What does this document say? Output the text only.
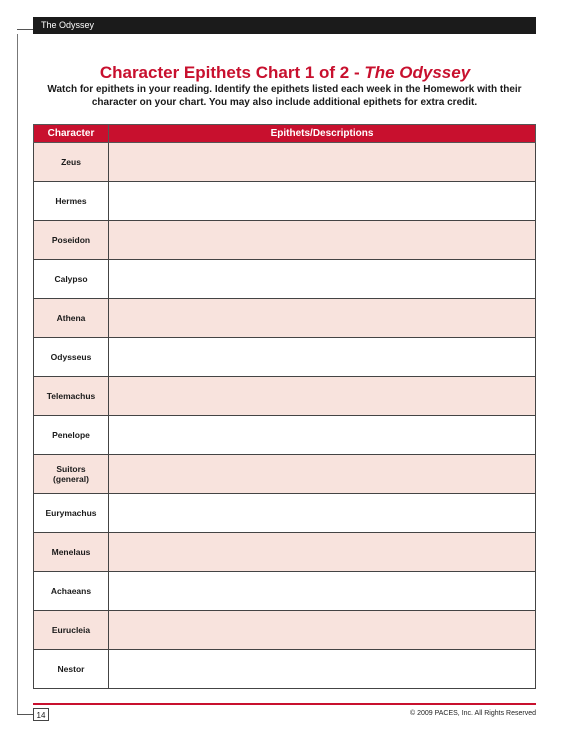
The Odyssey
Character Epithets Chart 1 of 2 - The Odyssey
Watch for epithets in your reading. Identify the epithets listed each week in the Homework with their character on your chart. You may also include additional epithets for extra credit.
Character	Epithets/Descriptions
Zeus	
Hermes	
Poseidon	
Calypso	
Athena	
Odysseus	
Telemachus	
Penelope	
Suitors
(general)	
Eurymachus	
Menelaus	
Achaeans	
Eurucleia	
Nestor	
14	© 2009 PACES, Inc. All Rights Reserved
